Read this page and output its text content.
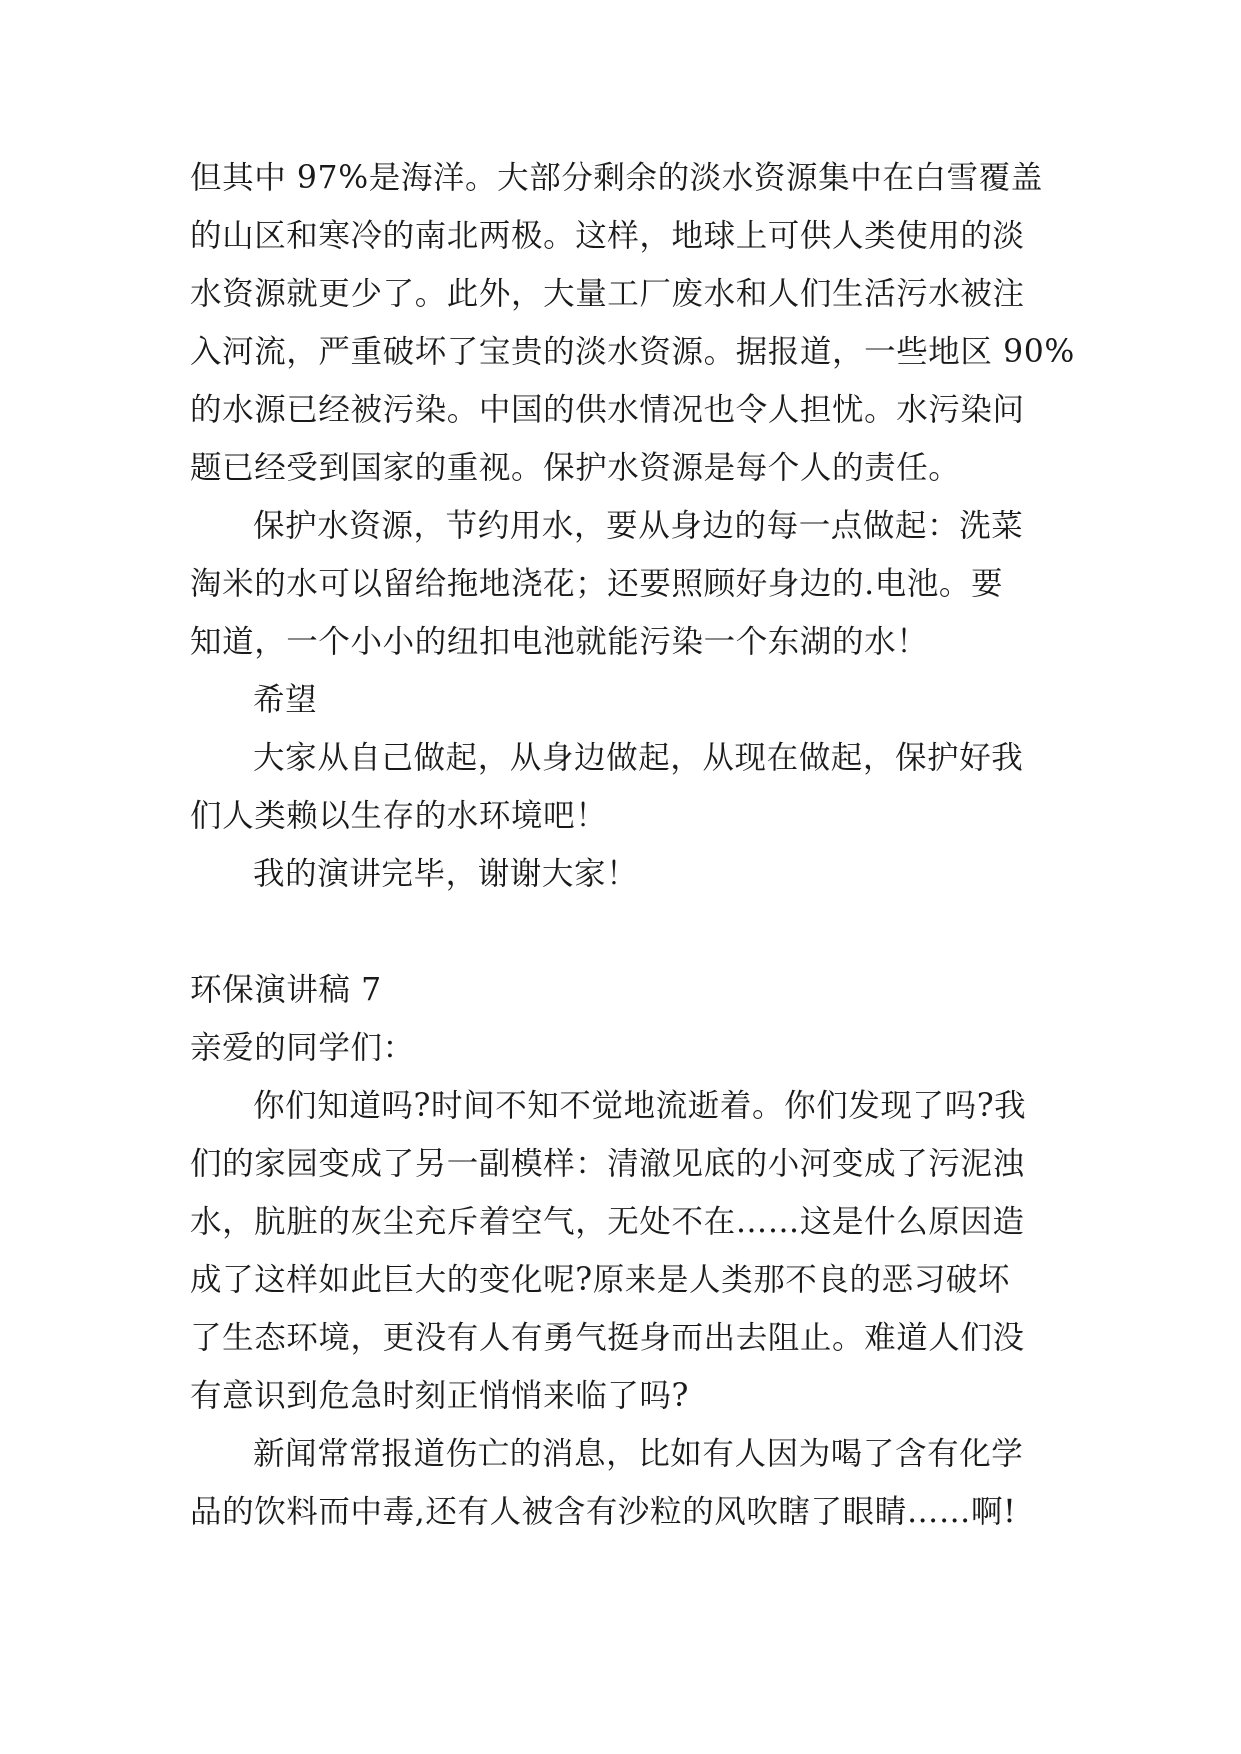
但其中 97%是海洋。大部分剩余的淡水资源集中在白雪覆盖
的山区和寒冷的南北两极。这样，地球上可供人类使用的淡
水资源就更少了。此外，大量工厂废水和人们生活污水被注
入河流，严重破坏了宝贵的淡水资源。据报道，一些地区 90%
的水源已经被污染。中国的供水情况也令人担忧。水污染问
题已经受到国家的重视。保护水资源是每个人的责任。
保护水资源，节约用水，要从身边的每一点做起：洗菜
淘米的水可以留给拖地浇花；还要照顾好身边的.电池。要
知道，一个小小的纽扣电池就能污染一个东湖的水！
希望
大家从自己做起，从身边做起，从现在做起，保护好我
们人类赖以生存的水环境吧！
我的演讲完毕，谢谢大家！
环保演讲稿 7
亲爱的同学们：
你们知道吗?时间不知不觉地流逝着。你们发现了吗?我
们的家园变成了另一副模样：清澈见底的小河变成了污泥浊
水，肮脏的灰尘充斥着空气，无处不在……这是什么原因造
成了这样如此巨大的变化呢?原来是人类那不良的恶习破坏
了生态环境，更没有人有勇气挺身而出去阻止。难道人们没
有意识到危急时刻正悄悄来临了吗?
新闻常常报道伤亡的消息，比如有人因为喝了含有化学
品的饮料而中毒,还有人被含有沙粒的风吹瞎了眼睛……啊!
